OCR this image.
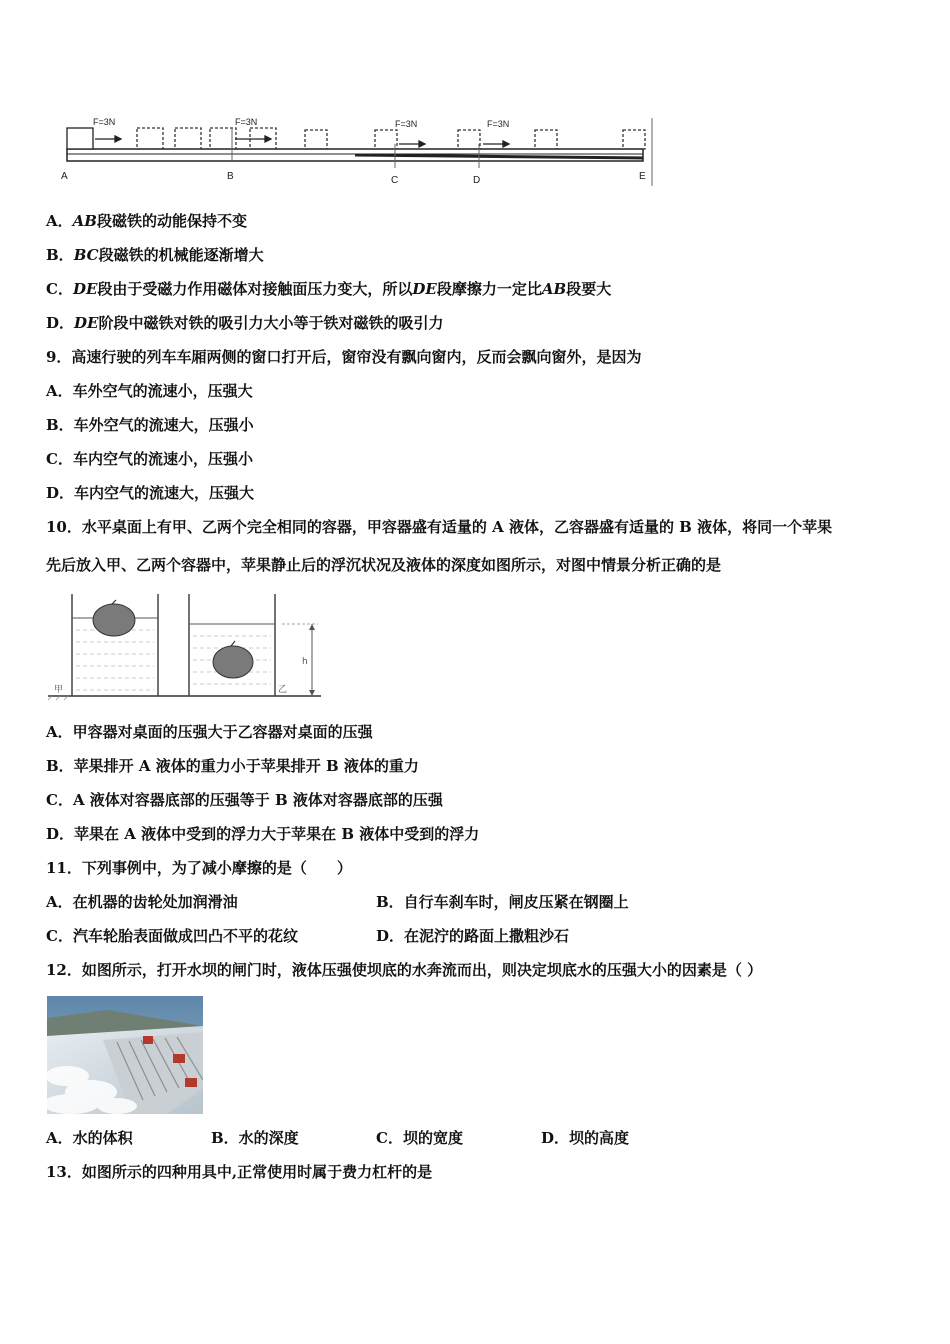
F=3N	F=3N	F=3N	F=3N
A	B	C	D	E
A．AB段磁铁的动能保持不变
B．BC段磁铁的机械能逐渐增大
C．DE段由于受磁力作用磁体对接触面压力变大，所以DE段摩擦力一定比AB段要大
D．DE阶段中磁铁对铁的吸引力大小等于铁对磁铁的吸引力
9．高速行驶的列车车厢两侧的窗口打开后，窗帘没有飘向窗内，反而会飘向窗外，是因为
A．车外空气的流速小，压强大
B．车外空气的流速大，压强小
C．车内空气的流速小，压强小
D．车内空气的流速大，压强大
10．水平桌面上有甲、乙两个完全相同的容器，甲容器盛有适量的 A 液体，乙容器盛有适量的 B 液体，将同一个苹果
先后放入甲、乙两个容器中，苹果静止后的浮沉状况及液体的深度如图所示，对图中情景分析正确的是
甲	乙
h
A．甲容器对桌面的压强大于乙容器对桌面的压强
B．苹果排开 A 液体的重力小于苹果排开 B 液体的重力
C．A 液体对容器底部的压强等于 B 液体对容器底部的压强
D．苹果在 A 液体中受到的浮力大于苹果在 B 液体中受到的浮力
11．下列事例中，为了减小摩擦的是（　　）
A．在机器的齿轮处加润滑油	B．自行车刹车时，闸皮压紧在钢圈上
C．汽车轮胎表面做成凹凸不平的花纹	D．在泥泞的路面上撒粗沙石
12．如图所示，打开水坝的闸门时，液体压强使坝底的水奔流而出，则决定坝底水的压强大小的因素是（ ）
A．水的体积	B．水的深度	C．坝的宽度	D．坝的高度
13．如图所示的四种用具中,正常使用时属于费力杠杆的是
